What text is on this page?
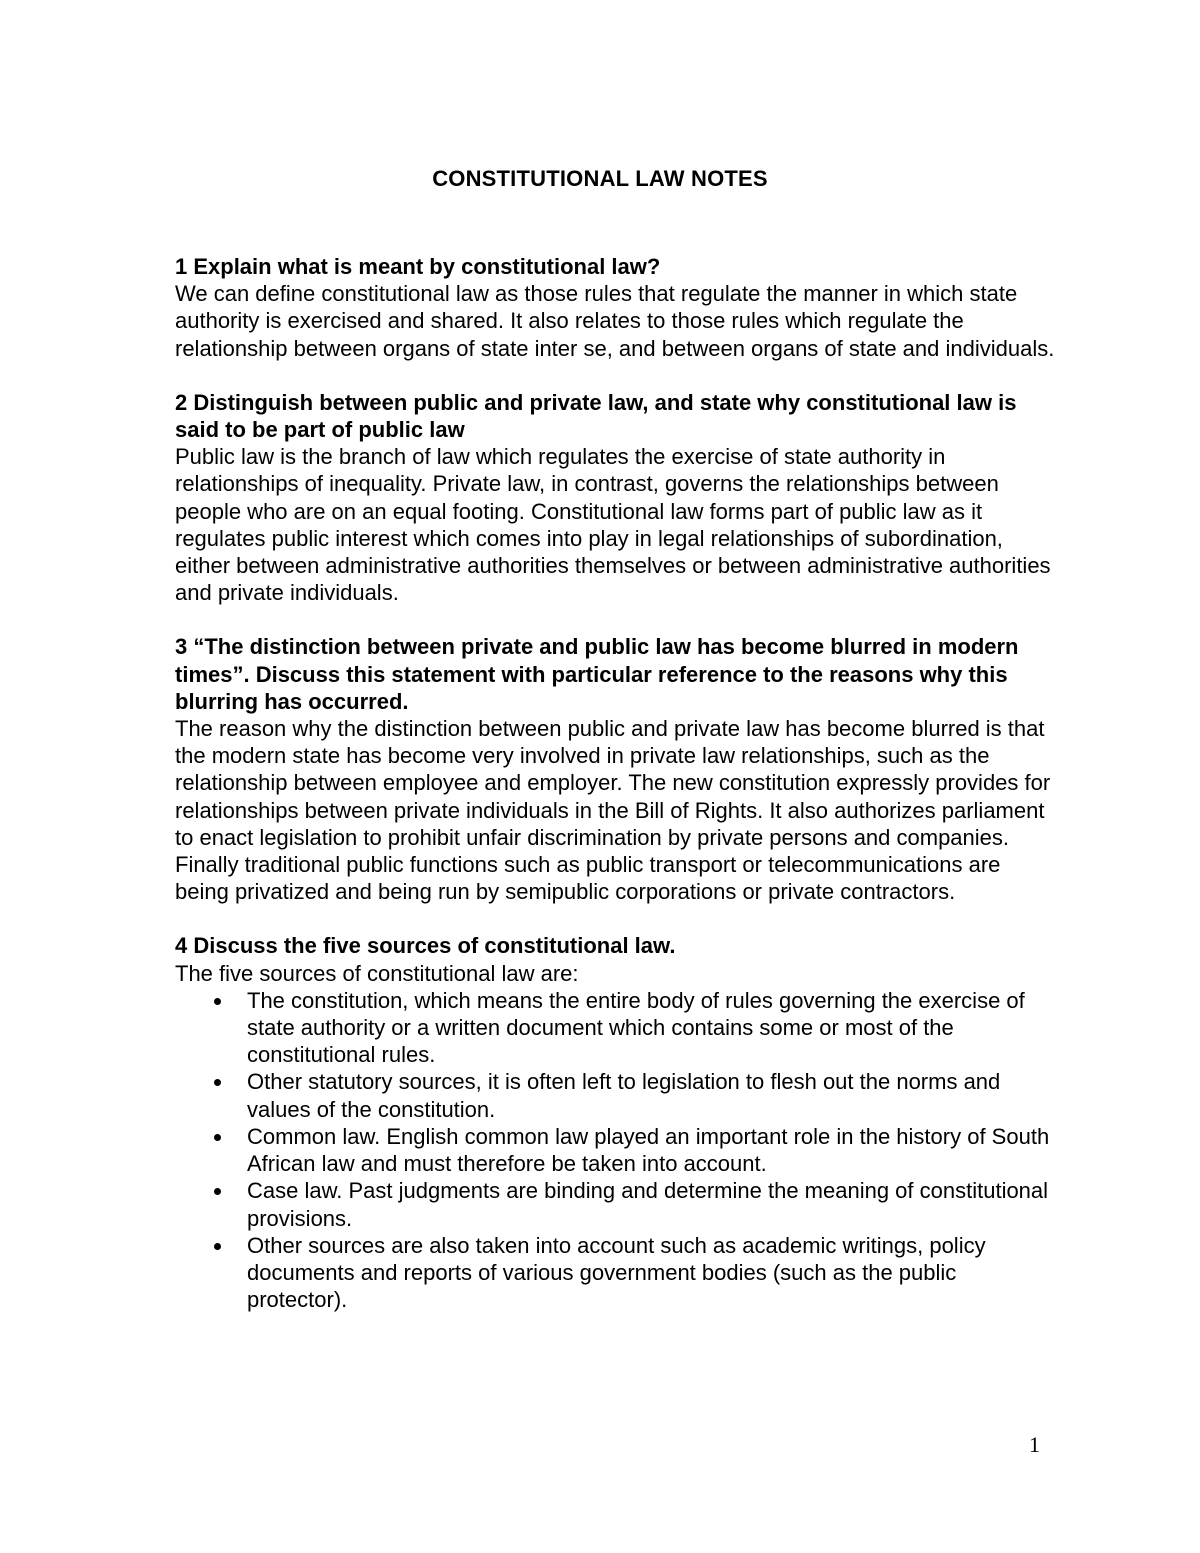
CONSTITUTIONAL LAW NOTES

1 Explain what is meant by constitutional law?

We can define constitutional law as those rules that regulate the manner in which state authority is exercised and shared. It also relates to those rules which regulate the relationship between organs of state inter se, and between organs of state and individuals.

2 Distinguish between public and private law, and state why constitutional law is said to be part of public law

Public law is the branch of law which regulates the exercise of state authority in relationships of inequality. Private law, in contrast, governs the relationships between people who are on an equal footing. Constitutional law forms part of public law as it regulates public interest which comes into play in legal relationships of subordination, either between administrative authorities themselves or between administrative authorities and private individuals.

3 “The distinction between private and public law has become blurred in modern times”. Discuss this statement with particular reference to the reasons why this blurring has occurred.

The reason why the distinction between public and private law has become blurred is that the modern state has become very involved in private law relationships, such as the relationship between employee and employer. The new constitution expressly provides for relationships between private individuals in the Bill of Rights. It also authorizes parliament to enact legislation to prohibit unfair discrimination by private persons and companies. Finally traditional public functions such as public transport or telecommunications are being privatized and being run by semipublic corporations or private contractors.

4 Discuss the five sources of constitutional law.

The five sources of constitutional law are:

The constitution, which means the entire body of rules governing the exercise of state authority or a written document which contains some or most of the constitutional rules.
Other statutory sources, it is often left to legislation to flesh out the norms and values of the constitution.
Common law. English common law played an important role in the history of South African law and must therefore be taken into account.
Case law. Past judgments are binding and determine the meaning of constitutional provisions.
Other sources are also taken into account such as academic writings, policy documents and reports of various government bodies (such as the public protector).
1
